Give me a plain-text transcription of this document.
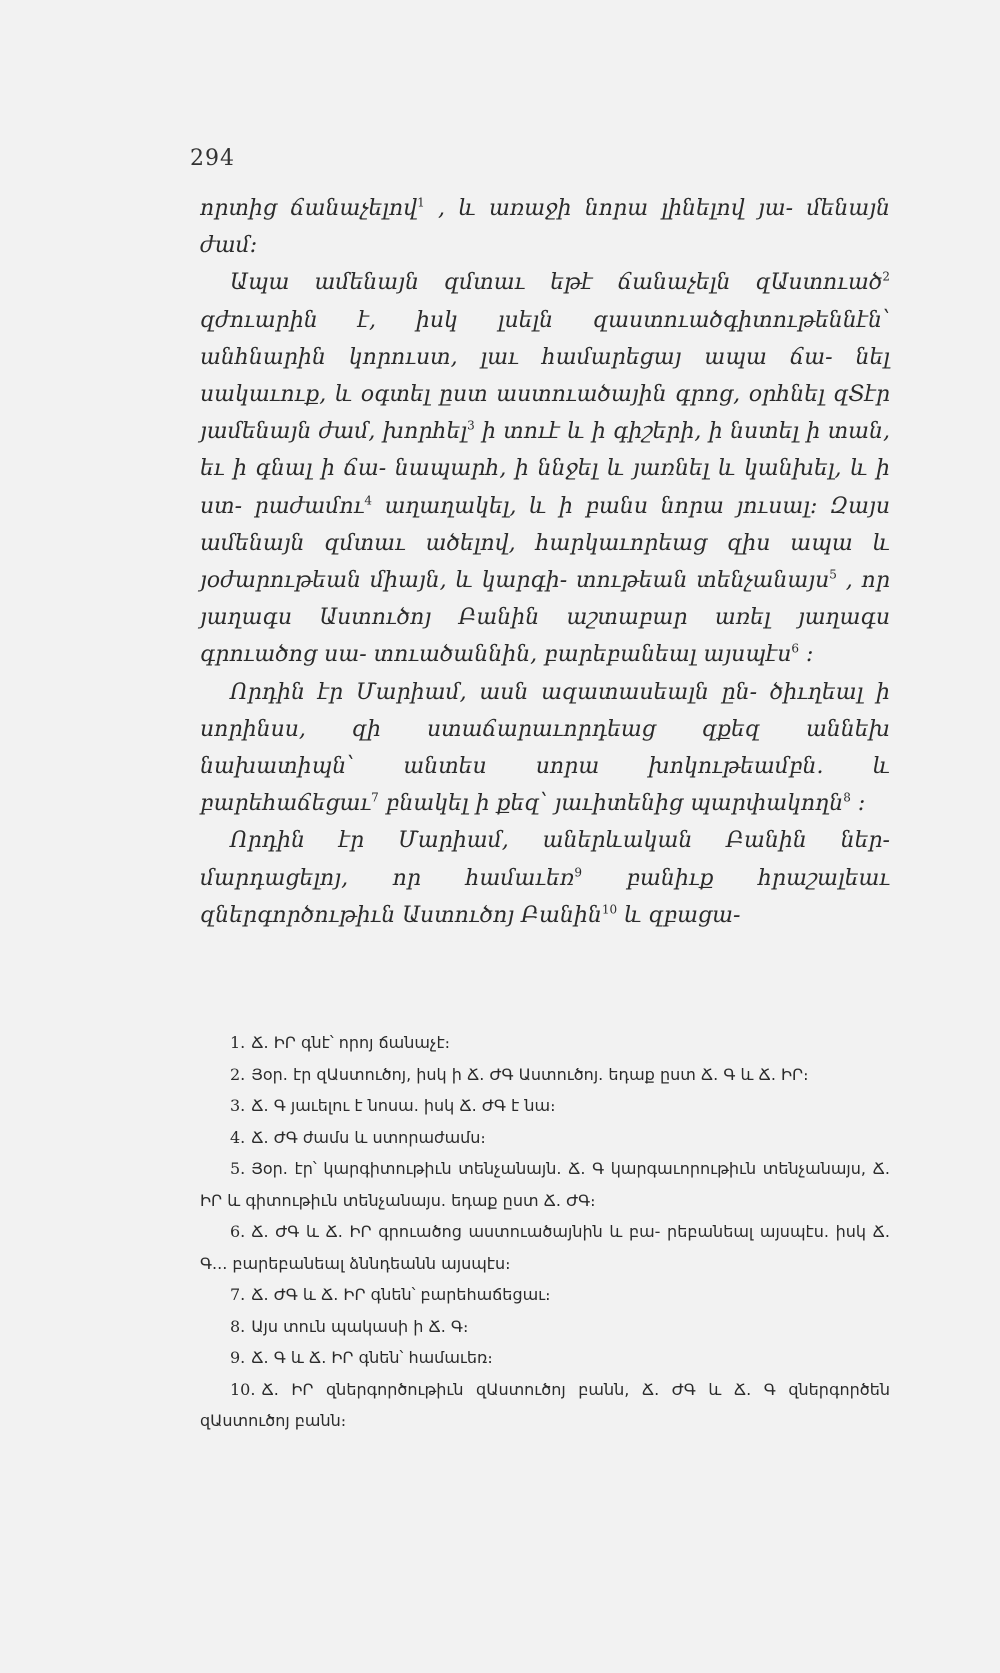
294

որտից ճանաչելով$^1$ , և առաջի նորա լինելով յա- մենայն ժամ։

Ապա ամենայն զմտաւ եթէ ճանաչելն զԱստուած$^2$ զժուարին է, իսկ լսելն զաստուածգիտութեննէն՝ անհնարին կորուստ, լաւ համարեցայ ապա ճա- նել սակաւուք, և օգտել ըստ աստուածային գրոց, օրհնել զՏէր յամենայն ժամ, խորհել$^3$ ի տուէ և ի գիշերի, ի նստել ի տան, եւ ի գնալ ի ճա- նապարհ, ի ննջել և յառնել և կանխել, և ի ստ- րաժամու$^4$ աղաղակել, և ի բանս նորա յուսալ։ Զայս ամենայն զմտաւ ածելով, հարկաւորեաց զիս ապա և յօժարութեան միայն, և կարգի- տութեան տենչանայս$^5$ , որ յաղագս Աստուծոյ Բանին աշտաբար առել յաղագս գրուածոց սա- տուածաննին, բարեբանեալ այսպէս$^6$ ։

Որդին էր Մարիամ, ասն ազատասեալն ըն- ծիւղեալ ի սորինսս, զի ստաճարաւորդեաց զքեզ աննեխ նախատիպն՝ անտես սորա խոկութեամբն. և բարեհաճեցաւ$^7$ բնակել ի քեզ՝ յաւիտենից պարփակողն$^8$ ։

Որդին էր Մարիամ, աներևական Բանին ներ- մարդացելոյ, որ համաւեռ$^9$ բանիւք հրաշալեաւ զներգործութիւն Աստուծոյ Բանին$^{10}$ և զբացա-

1. Ճ. ԻՐ գնէ՝ որոյ ճանաչէ։
2. Յօր. էր զԱստուծոյ, իսկ ի Ճ. ԺԳ Աստուծոյ. եդաք ըստ Ճ. Գ և Ճ. ԻՐ։
3. Ճ. Գ յաւելու է նոսա. իսկ Ճ. ԺԳ է նա։
4. Ճ. ԺԳ ժամս և ստորաժամս։
5. Յօր. էր՝ կարգիտութիւն տենչանայն. Ճ. Գ կարգաւորութիւն տենչանայս, Ճ. ԻՐ և գիտութիւն տենչանայս. եդաք ըստ Ճ. ԺԳ։
6. Ճ. ԺԳ և Ճ. ԻՐ գրուածոց աստուածայնին և բա- րեբանեալ այսպէս. իսկ Ճ. Գ... բարեբանեալ ձննդեանն այսպէս։
7. Ճ. ԺԳ և Ճ. ԻՐ գնեն՝ բարեհաճեցաւ։
8. Այս տուն պակասի ի Ճ. Գ։
9. Ճ. Գ և Ճ. ԻՐ գնեն՝ համաւեռ։
10. Ճ. ԻՐ զներգործութիւն զԱստուծոյ բանն, Ճ. ԺԳ և Ճ. Գ զներգործեն զԱստուծոյ բանն։
